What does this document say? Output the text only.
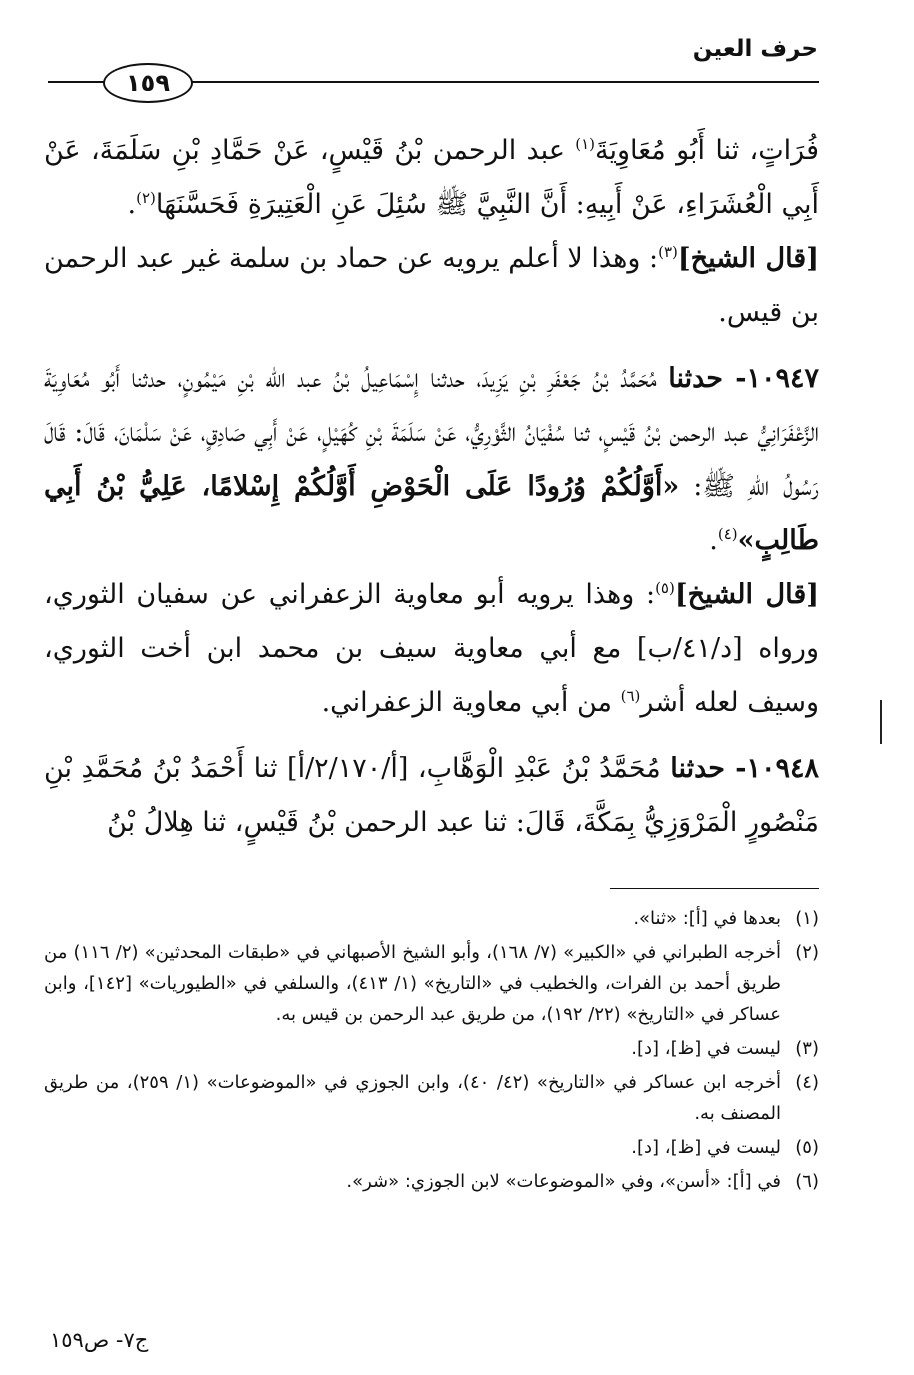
حرف العين
١٥٩

فُرَاتٍ، ثنا أَبُو مُعَاوِيَةَ$^{(١)}$ عبد الرحمن بْنُ قَيْسٍ، عَنْ حَمَّادِ بْنِ سَلَمَةَ، عَنْ أَبِي الْعُشَرَاءِ، عَنْ أَبِيهِ: أَنَّ النَّبِيَّ ﷺ سُئِلَ عَنِ الْعَتِيرَةِ فَحَسَّنَهَا$^{(٢)}$.

[قال الشيخ]$^{(٣)}$: وهذا لا أعلم يرويه عن حماد بن سلمة غير عبد الرحمن بن قيس.

١٠٩٤٧- حدثنا مُحَمَّدُ بْنُ جَعْفَرِ بْنِ يَزِيدَ، حدثنا إِسْمَاعِيلُ بْنُ عبد الله بْنِ مَيْمُونٍ، حدثنا أَبُو مُعَاوِيَةَ الزَّعْفَرَانِيُّ عبد الرحمن بْنُ قَيْسٍ، ثنا سُفْيَانُ الثَّوْرِيُّ، عَنْ سَلَمَةَ بْنِ كُهَيْلٍ، عَنْ أَبِي صَادِقٍ، عَنْ سَلْمَانَ، قَالَ: قَالَ رَسُولُ اللهِ ﷺ: «أَوَّلُكُمْ وُرُودًا عَلَى الْحَوْضِ أَوَّلُكُمْ إِسْلامًا، عَلِيُّ بْنُ أَبِي طَالِبٍ»$^{(٤)}$.

[قال الشيخ]$^{(٥)}$: وهذا يرويه أبو معاوية الزعفراني عن سفيان الثوري، ورواه [د/٤١/ب] مع أبي معاوية سيف بن محمد ابن أخت الثوري، وسيف لعله أشر$^{(٦)}$ من أبي معاوية الزعفراني.

١٠٩٤٨- حدثنا مُحَمَّدُ بْنُ عَبْدِ الْوَهَّابِ، [أ/٢/١٧٠/أ] ثنا أَحْمَدُ بْنُ مُحَمَّدِ بْنِ مَنْصُورٍ الْمَرْوَزِيُّ بِمَكَّةَ، قَالَ: ثنا عبد الرحمن بْنُ قَيْسٍ، ثنا هِلالُ بْنُ

(١)
بعدها في [أ]: «ثنا».

(٢)
أخرجه الطبراني في «الكبير» (٧/ ١٦٨)، وأبو الشيخ الأصبهاني في «طبقات المحدثين» (٢/ ١١٦) من طريق أحمد بن الفرات، والخطيب في «التاريخ» (١/ ٤١٣)، والسلفي في «الطيوريات» [١٤٢]، وابن عساكر في «التاريخ» (٢٢/ ١٩٢)، من طريق عبد الرحمن بن قيس به.

(٣)
ليست في [ظ]، [د].

(٤)
أخرجه ابن عساكر في «التاريخ» (٤٢/ ٤٠)، وابن الجوزي في «الموضوعات» (١/ ٢٥٩)، من طريق المصنف به.

(٥)
ليست في [ظ]، [د].

(٦)
في [أ]: «أسن»، وفي «الموضوعات» لابن الجوزي: «شر».

ج٧- ص١٥٩
